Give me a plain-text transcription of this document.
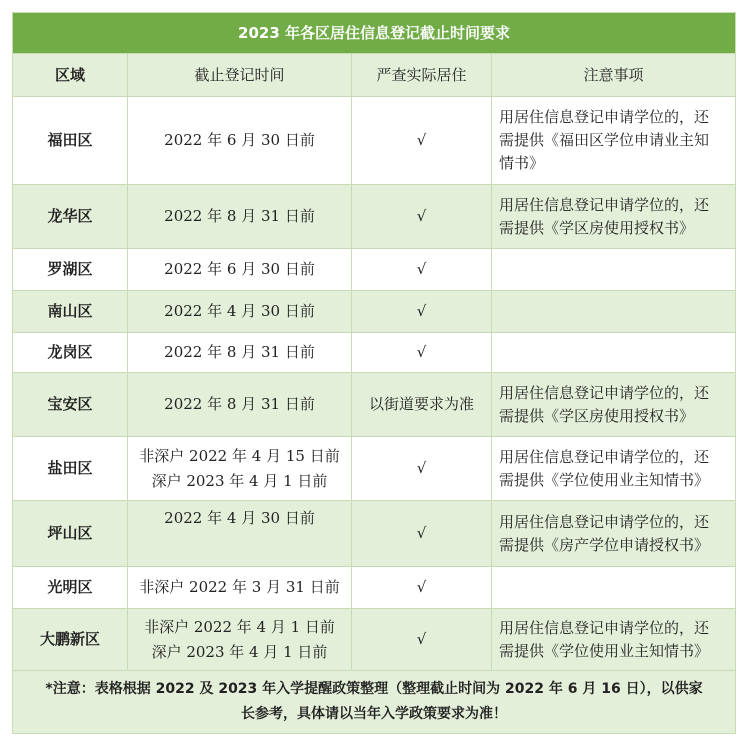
2023 年各区居住信息登记截止时间要求			
区域	截止登记时间	严查实际居住	注意事项
福田区	2022 年 6 月 30 日前	√	用居住信息登记申请学位的，还
需提供《福田区学位申请业主知
情书》

龙华区	2022 年 8 月 31 日前	√	用居住信息登记申请学位的，还
需提供《学区房使用授权书》

罗湖区	2022 年 6 月 30 日前	√	
南山区	2022 年 4 月 30 日前	√	
龙岗区	2022 年 8 月 31 日前	√	
宝安区	2022 年 8 月 31 日前	以街道要求为准	用居住信息登记申请学位的，还
需提供《学区房使用授权书》

盐田区	非深户 2022 年 4 月 15 日前
深户 2023 年 4 月 1 日前	√	用居住信息登记申请学位的，还
需提供《学位使用业主知情书》

坪山区	2022 年 4 月 30 日前	√	用居住信息登记申请学位的，还
需提供《房产学位申请授权书》

光明区	非深户 2022 年 3 月 31 日前	√	
大鹏新区	非深户 2022 年 4 月 1 日前
深户 2023 年 4 月 1 日前	√	用居住信息登记申请学位的，还
需提供《学位使用业主知情书》

*注意：表格根据 2022 及 2023 年入学提醒政策整理（整理截止时间为 2022 年 6 月 16 日），以供家
长参考，具体请以当年入学政策要求为准！			
